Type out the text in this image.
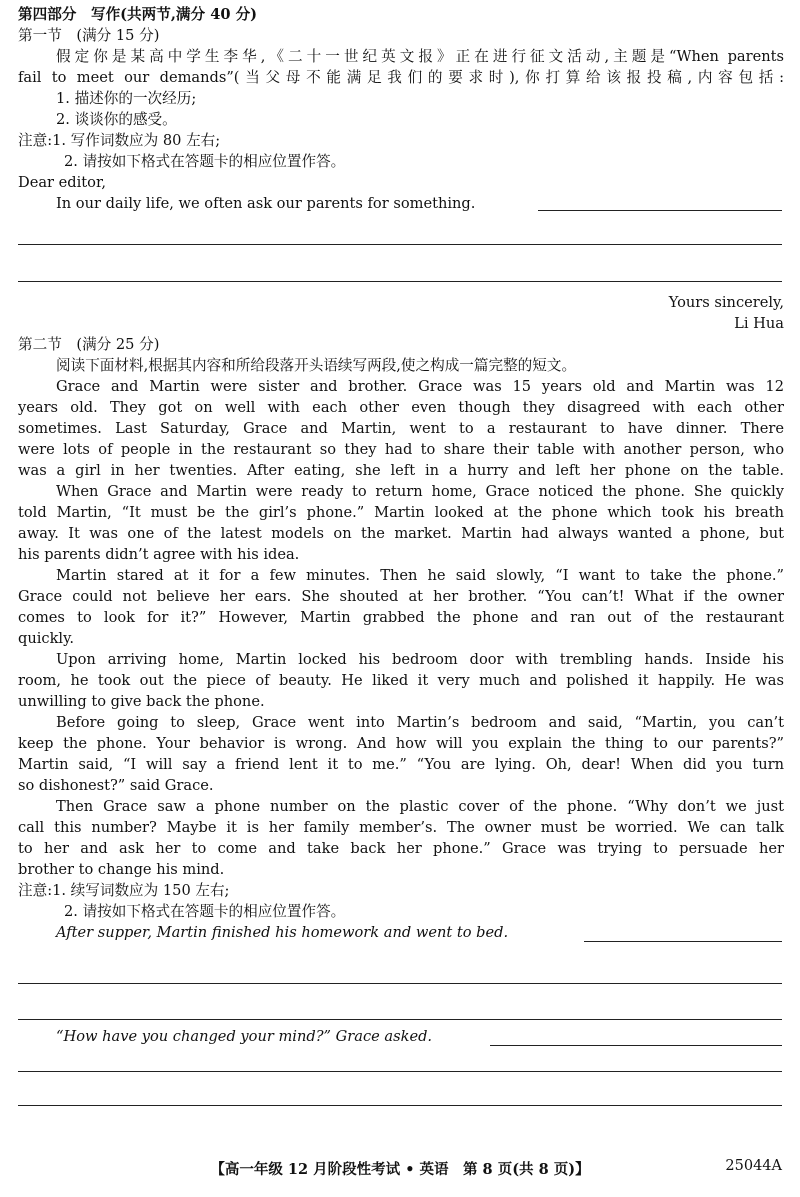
第四部分　写作(共两节,满分 40 分)
第一节　(满分 15 分)
假定你是某高中学生李华,《二十一世纪英文报》正在进行征文活动,主题是“When parents
fail to meet our demands”(当父母不能满足我们的要求时),你打算给该报投稿,内容包括:
1. 描述你的一次经历;
2. 谈谈你的感受。
注意:1. 写作词数应为 80 左右;
2. 请按如下格式在答题卡的相应位置作答。
Dear editor,
In our daily life, we often ask our parents for something.
Yours sincerely,
Li Hua
第二节　(满分 25 分)
阅读下面材料,根据其内容和所给段落开头语续写两段,使之构成一篇完整的短文。
Grace and Martin were sister and brother. Grace was 15 years old and Martin was 12
years old. They got on well with each other even though they disagreed with each other
sometimes. Last Saturday, Grace and Martin, went to a restaurant to have dinner. There
were lots of people in the restaurant so they had to share their table with another person, who
was a girl in her twenties. After eating, she left in a hurry and left her phone on the table.
When Grace and Martin were ready to return home, Grace noticed the phone. She quickly
told Martin, “It must be the girl’s phone.” Martin looked at the phone which took his breath
away. It was one of the latest models on the market. Martin had always wanted a phone, but
his parents didn’t agree with his idea.
Martin stared at it for a few minutes. Then he said slowly, “I want to take the phone.”
Grace could not believe her ears. She shouted at her brother. “You can’t! What if the owner
comes to look for it?” However, Martin grabbed the phone and ran out of the restaurant
quickly.
Upon arriving home, Martin locked his bedroom door with trembling hands. Inside his
room, he took out the piece of beauty. He liked it very much and polished it happily. He was
unwilling to give back the phone.
Before going to sleep, Grace went into Martin’s bedroom and said, “Martin, you can’t
keep the phone. Your behavior is wrong. And how will you explain the thing to our parents?”
Martin said, “I will say a friend lent it to me.” “You are lying. Oh, dear! When did you turn
so dishonest?” said Grace.
Then Grace saw a phone number on the plastic cover of the phone. “Why don’t we just
call this number? Maybe it is her family member’s. The owner must be worried. We can talk
to her and ask her to come and take back her phone.” Grace was trying to persuade her
brother to change his mind.
注意:1. 续写词数应为 150 左右;
2. 请按如下格式在答题卡的相应位置作答。
After supper, Martin finished his homework and went to bed.
“How have you changed your mind?” Grace asked.
【高一年级 12 月阶段性考试 • 英语　第 8 页(共 8 页)】	25044A
